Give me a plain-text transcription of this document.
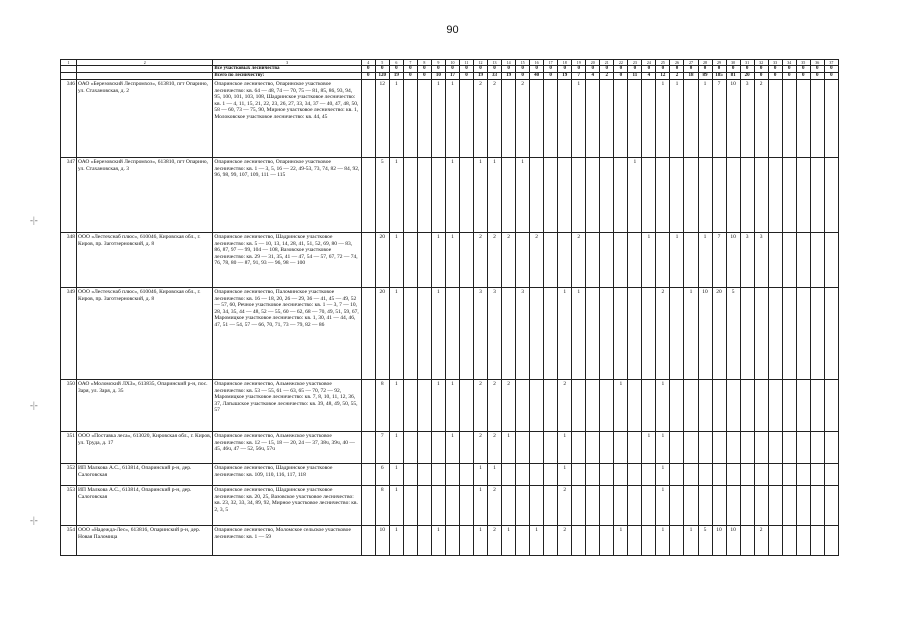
90
-|-
-|-
-|-
1	2	3	4	5	6	7	8	9	10	11	12	13	14	15	16	17	18	19	20	21	22	23	24	25	26	27	28	29	30	31	32	33	34	35	36	37
		Все участковых лесничества	0	0	0	0	0	0	0	0	0	0	0	0	0	0	0	0	0	0	0	0	0	0	0	0	0	0	0	0	0	0	0	0	0	0
		Всего по лесничеству:	0	120	19	0	0	10	17	0	19	33	19	0	40	0	19	7	4	2	0	11	4	12	2	18	89	185	81	20	0	0	0	0	0	0
346	ОАО «Березовский Леспромхоз», 613810, пгт Опарино, ул. Стахановская, д. 2	Опаринское лесничество, Опаринское участковое лесничество: кв. 64 — 48, 74 — 70, 75 — 81, 85, 86, 93, 94, 95, 100, 101, 103, 108, Шадринское участковое лесничество: кв. 1 — 4, 11, 15, 21, 22, 23, 26, 27, 33, 34, 37 — 40, 47, 48, 50, 58 — 60, 73 — 75, 90, Мирное участковое лесничество: кв. 1, Молоковское участковое лесничество: кв. 44, 45		12	1			1	1		2	2		2				1						1	1		1	7	10	3	2					
347	ОАО «Березовский Леспромхоз», 613810, пгт Опарино, ул. Стахановская, д. 3	Опаринское лесничество, Опаринское участковое лесничество: кв. 1 — 3, 5, 16 — 22, 49-53, 73, 74, 82 — 84, 92, 96, 98, 99, 107, 109, 111 — 115		5	1				1		1	1		1								1														
348	ООО «Лестехснаб плюс», 610046, Кировская обл., г. Киров, пр. Заготзерновский, д. 8	Опаринское лесничество, Шадринское участковое лесничество: кв. 5 — 10, 13, 14, 28, 41, 51, 52, 69, 80 — 83, 86, 87, 97 — 99, 104 — 108, Вазовское участковое лесничество: кв. 29 — 31, 35, 41 — 47, 54 — 57, 67, 72 — 74, 76, 78, 80 — 87, 91, 93 — 96, 98 — 100		20	1			1	1		2	2	2		2			2					1		1		1	7	10	3	3					
349	ООО «Лестехснаб плюс», 610046, Кировская обл., г. Киров, пр. Заготзерновский, д. 8	Опаринское лесничество, Паломинское участковое лесничество: кв. 16 — 18, 20, 26 — 29, 36 — 41, 45 — 49, 52 — 57, 60, Речное участковое лесничество: кв. 1 — 3, 7 — 10, 28, 34, 35, 44 — 48, 52 — 55, 60 — 62, 68 — 70, 49, 51, 59, 67, Маромицкое участковое лесничество: кв. 1, 30, 41 — 44, 46, 47, 51 — 54, 57 — 66, 70, 71, 73 — 79, 82 — 86		20	1			1			3	3		3			1	1						2		1	10	20	5							
350	ОАО «Моломский ЛХЗ», 613835, Опаринский р-н, пос. Заря, ул. Заря, д. 35	Опаринское лесничество, Альмежское участковое лесничество: кв. 53 — 55, 61 — 63, 65 — 70, 72 — 92, Маромицкое участковое лесничество: кв. 7, 8, 10, 11, 12, 36, 37, Латышское участковое лесничество: кв. 39, 48, 49, 50, 55, 57		8	1			1	1		2	2	2				2				1			1												
351	ООО «Поставка леса», 613020, Кировская обл., г. Киров, ул. Труда, д. 17	Опаринское лесничество, Альмежское участковое лесничество: кв. 12 — 15, 18 — 20, 24 — 37, 38ч, 39ч, 40 — 45, 46ч, 47 — 52, 56ч, 57ч		7	1				1		2	2	1				1						1	1												
352	ИП Малкова А.С., 613814, Опаринский р-н, дер. Салоговская	Опаринское лесничество, Шадринское участковое лесничество: кв. 109, 110, 116, 117, 118		6	1						1	1					1							1												
353	ИП Малкова А.С., 613814, Опаринский р-н, дер. Салоговская	Опаринское лесничество, Шадринское участковое лесничество: кв. 20, 25, Вазовское участковое лесничество: кв. 23, 32, 33, 34, 89, 92, Мирное участковое лесничество: кв. 2, 3, 5		8	1						1	2					2							1												
354	ООО «Надежда-Лес», 613816, Опаринский р-н, дер. Новая Паломица	Опаринское лесничество, Моломское сельское участковое лесничество: кв. 1 — 59		10	1			1			1	2	1		1		2				1			1		1	5	10	10		2					
